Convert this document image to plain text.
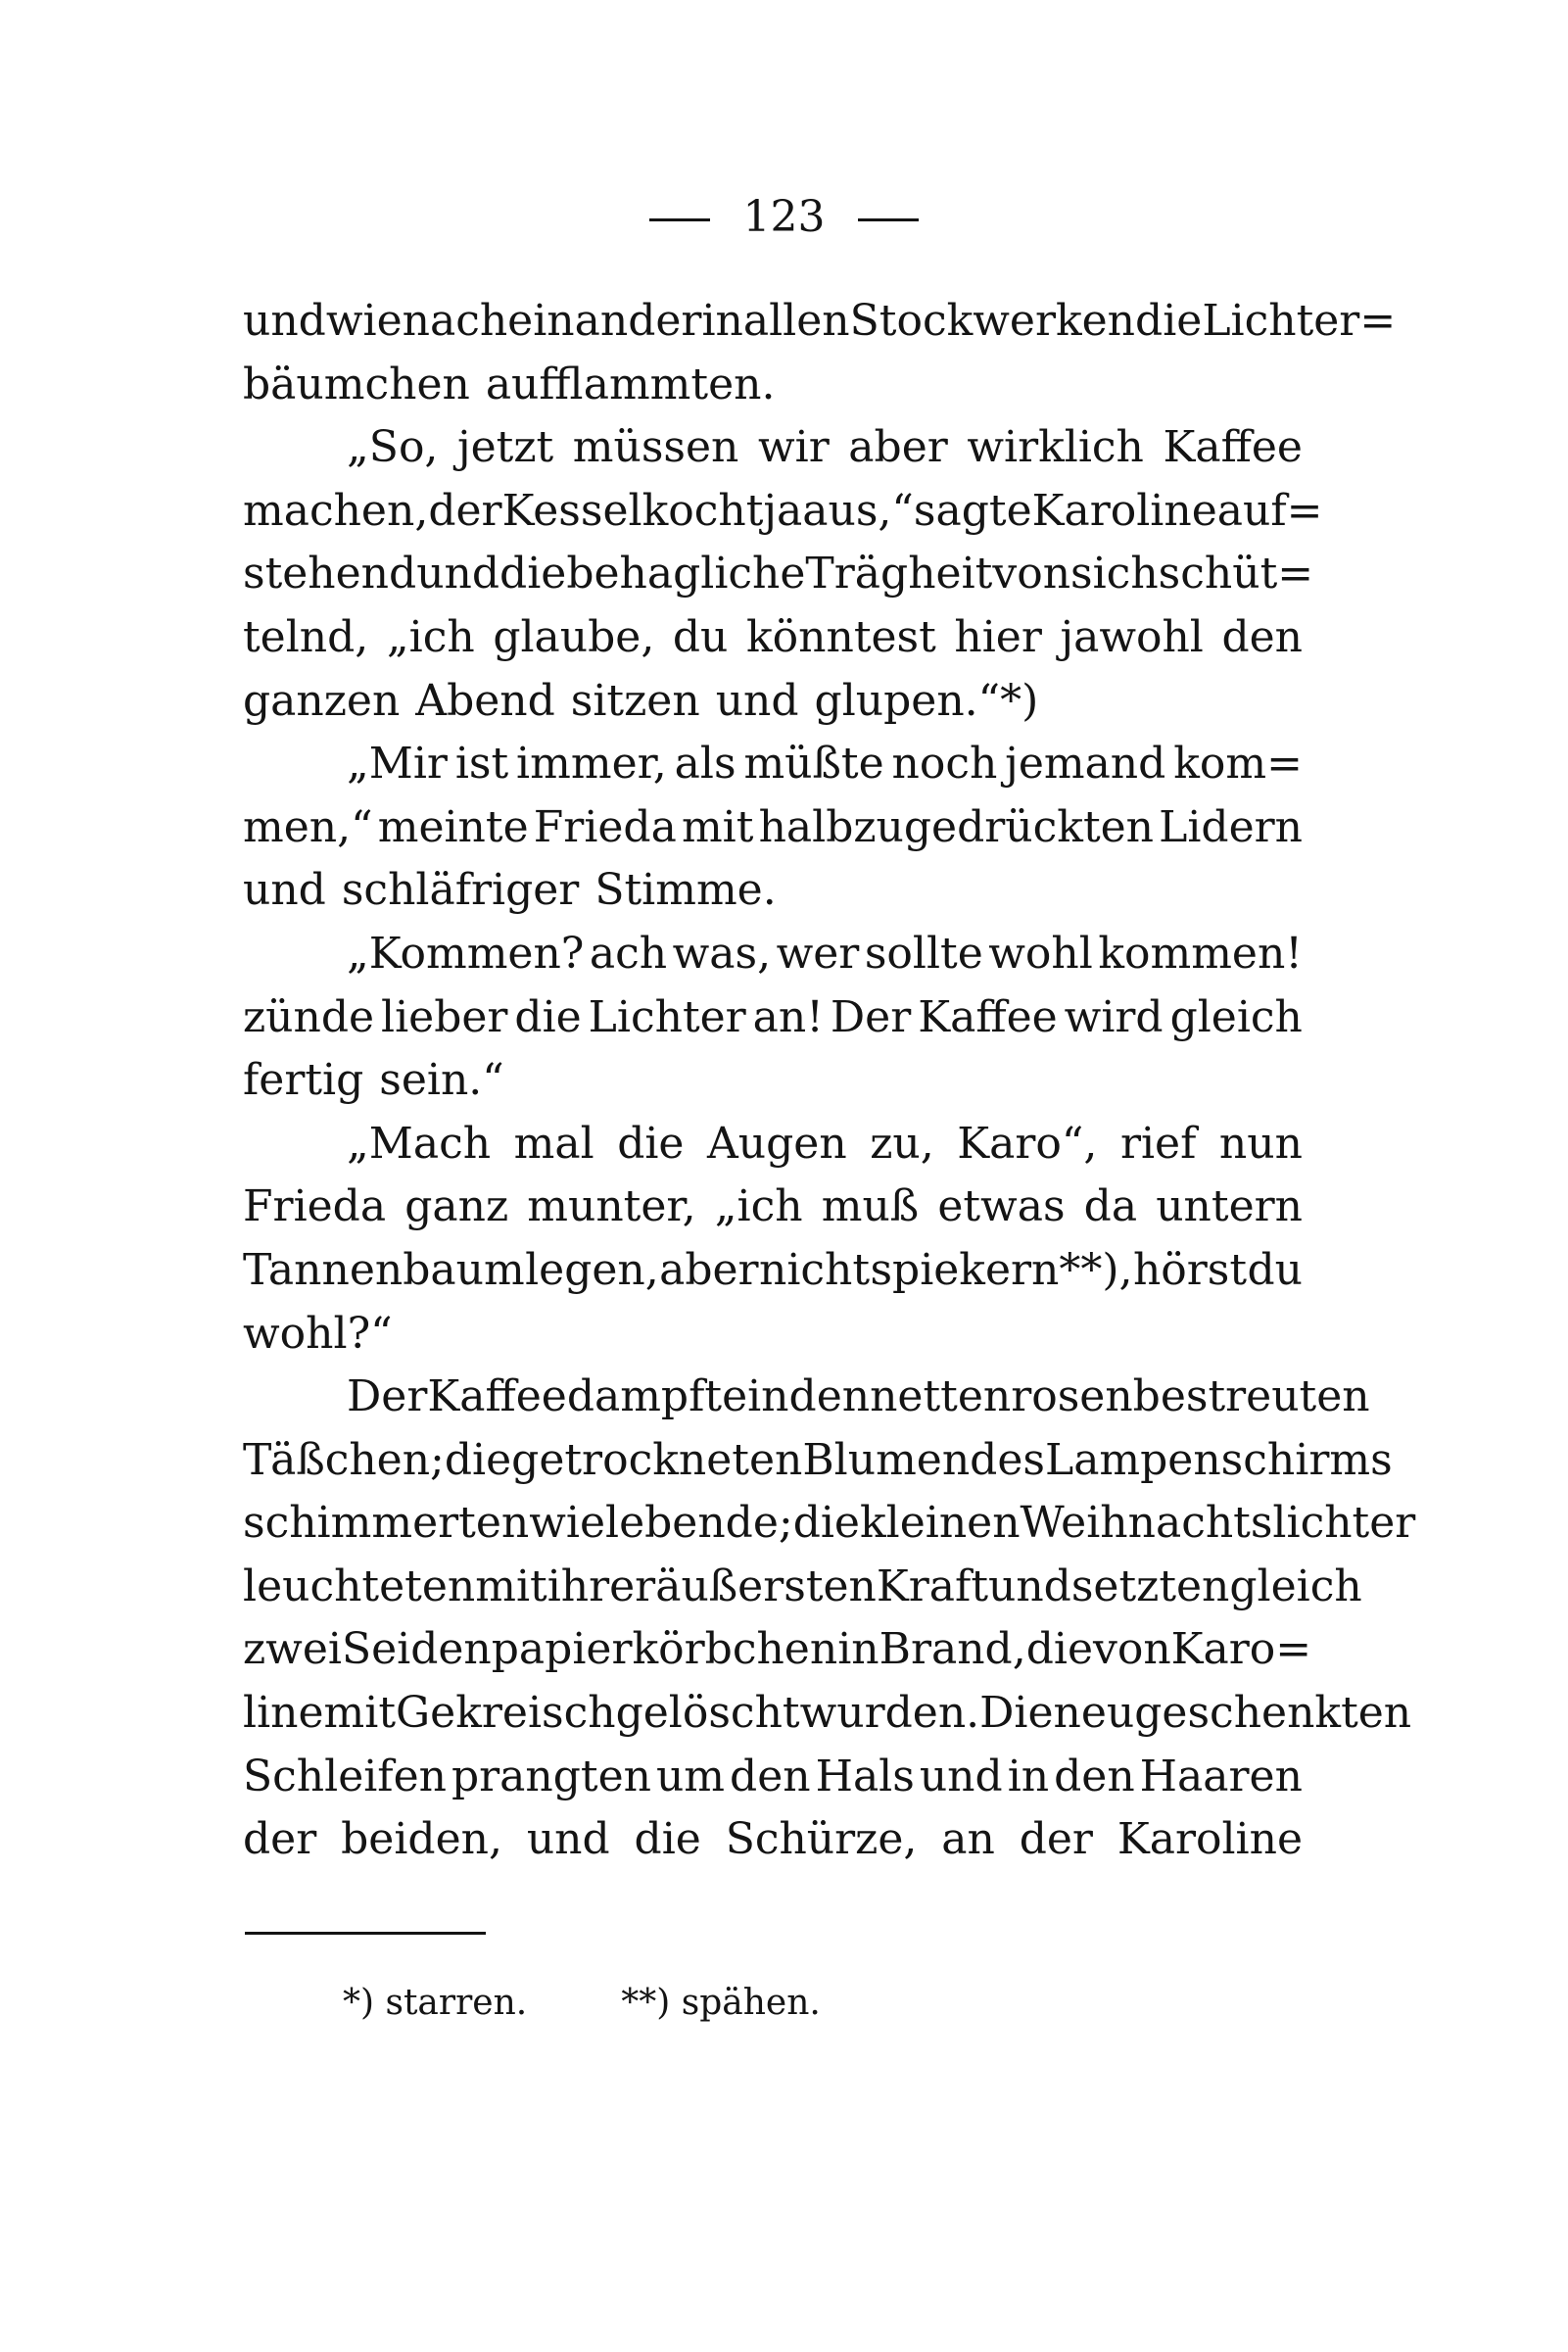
123
und wie nacheinander in allen Stockwerken die Lichter=
bäumchen aufflammten.
„So, jetzt müssen wir aber wirklich Kaffee
machen, der Kessel kocht ja aus,“ sagte Karoline auf=
stehend und die behagliche Trägheit von sich schüt=
telnd, „ich glaube, du könntest hier jawohl den
ganzen Abend sitzen und glupen.“*)
„Mir ist immer, als müßte noch jemand kom=
men,“ meinte Frieda mit halbzugedrückten Lidern
und schläfriger Stimme.
„Kommen? ach was, wer sollte wohl kommen!
zünde lieber die Lichter an! Der Kaffee wird gleich
fertig sein.“
„Mach mal die Augen zu, Karo“, rief nun
Frieda ganz munter, „ich muß etwas da untern
Tannenbaum legen, aber nicht spiekern**), hörst du
wohl?“
Der Kaffee dampfte in den netten rosenbestreuten
Täßchen; die getrockneten Blumen des Lampenschirms
schimmerten wie lebende; die kleinen Weihnachtslichter
leuchteten mit ihrer äußersten Kraft und setzten gleich
zwei Seidenpapierkörbchen in Brand, die von Karo=
line mit Gekreisch gelöscht wurden. Die neugeschenkten
Schleifen prangten um den Hals und in den Haaren
der beiden, und die Schürze, an der Karoline
*) starren.	**) spähen.
